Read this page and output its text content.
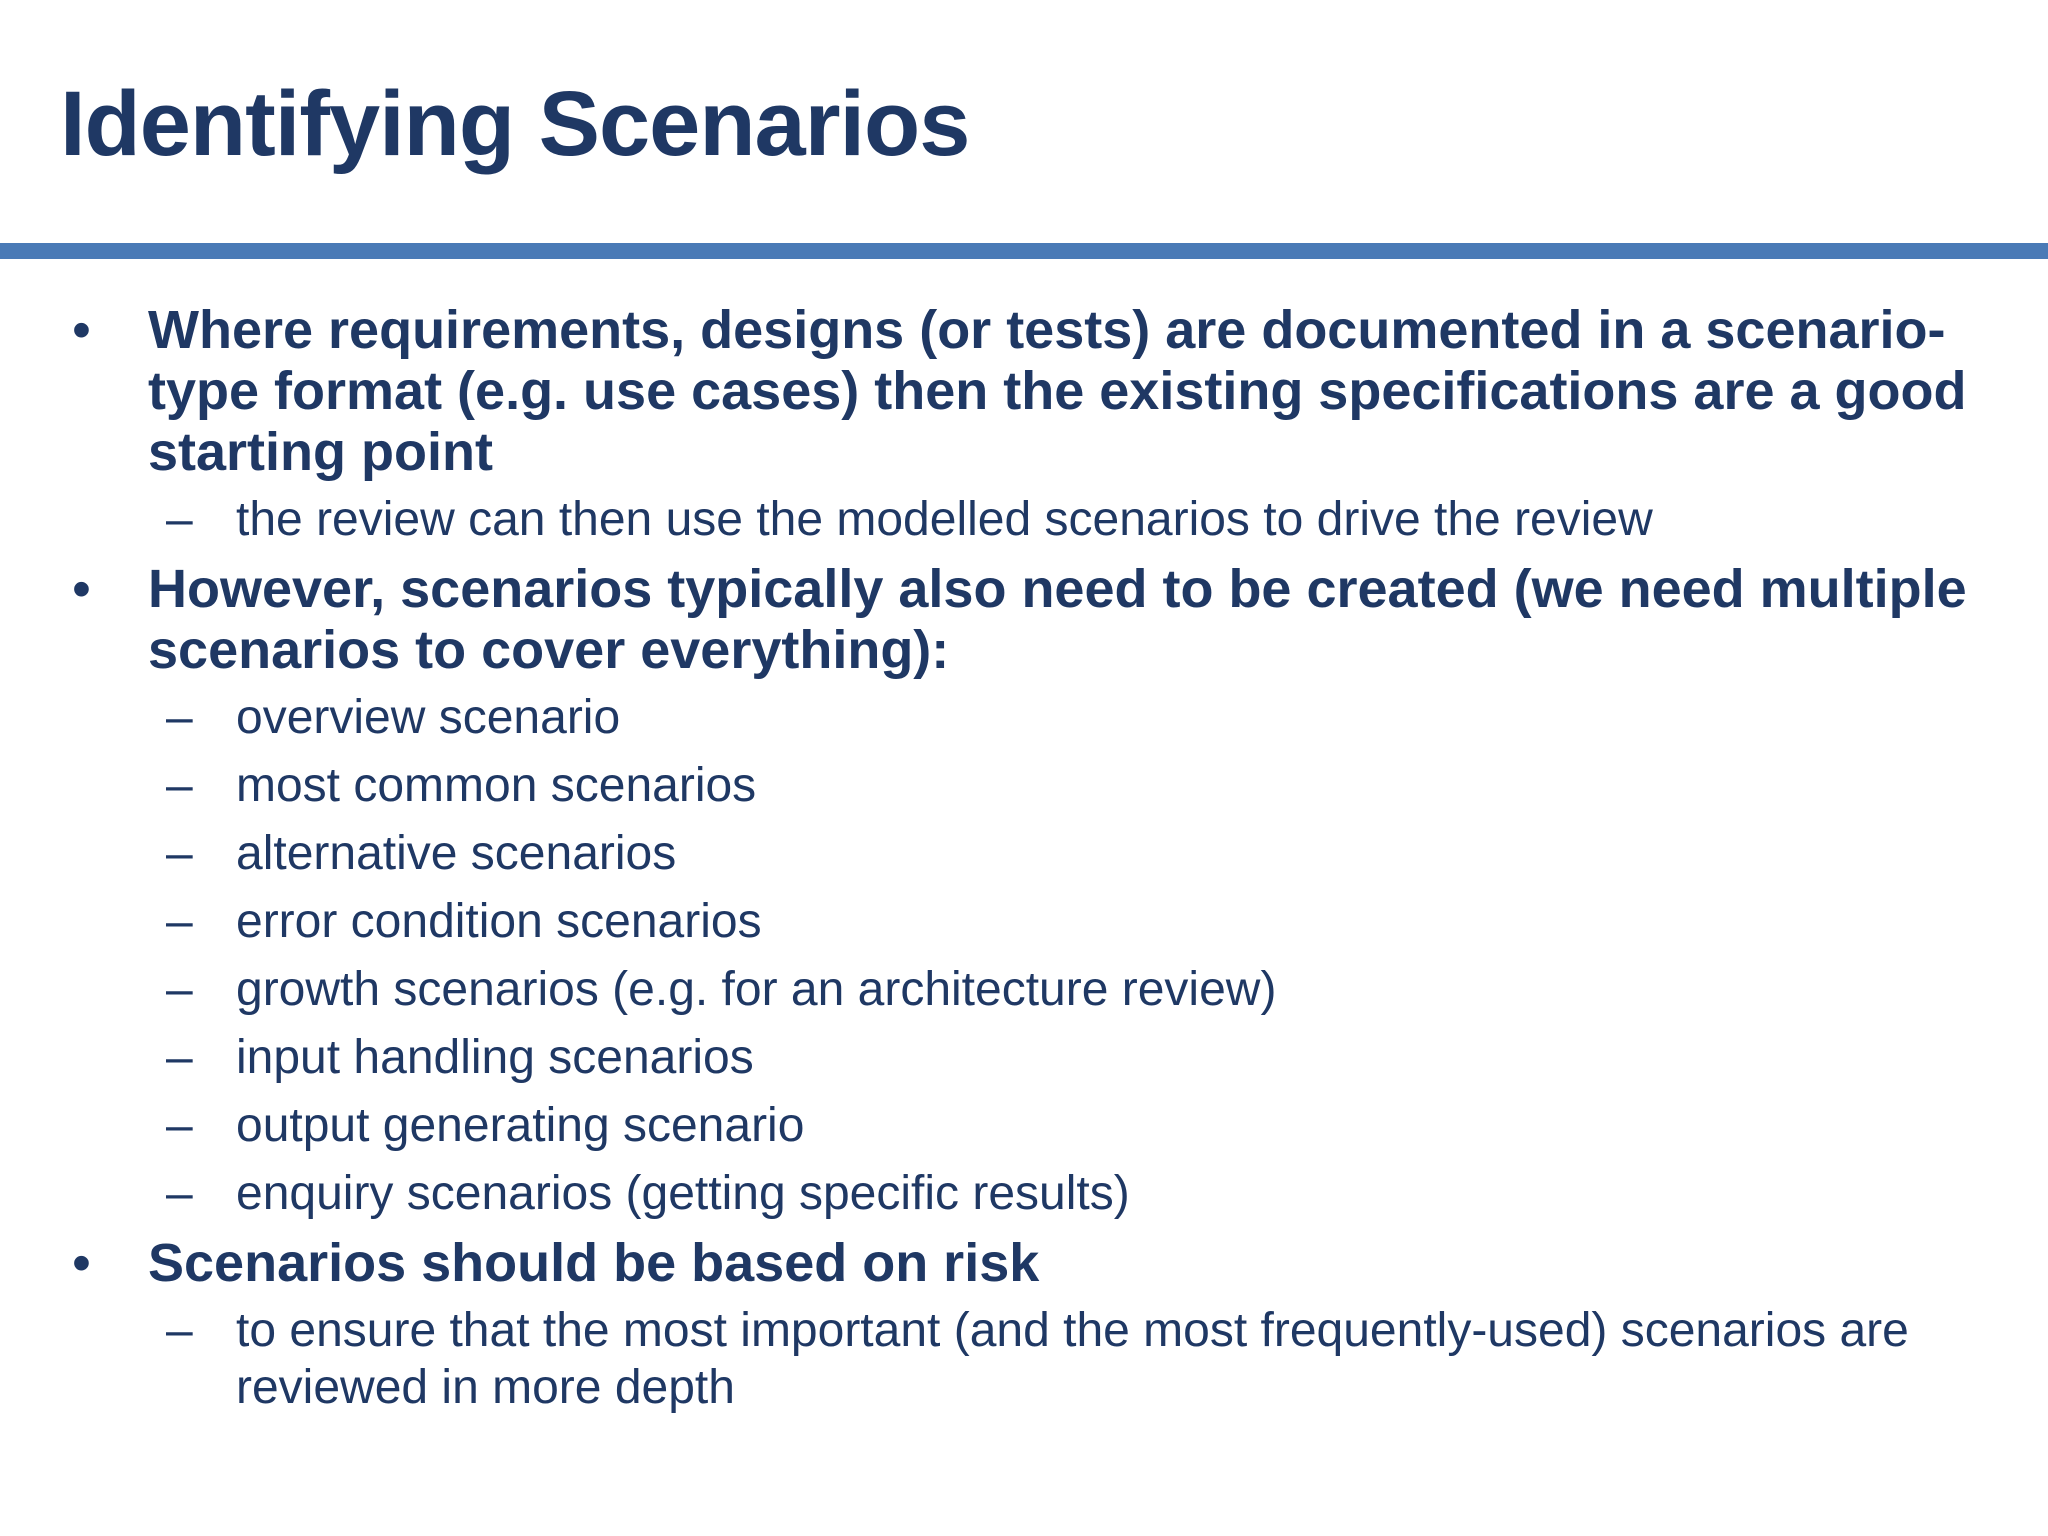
Identifying Scenarios
•	Where requirements, designs (or tests) are documented in a scenario-type format (e.g. use cases) then the existing specifications are a good starting point
– the review can then use the modelled scenarios to drive the review
•	However, scenarios typically also need to be created (we need multiple scenarios to cover everything):
– overview scenario
– most common scenarios
– alternative scenarios
– error condition scenarios
– growth scenarios (e.g. for an architecture review)
– input handling scenarios
– output generating scenario
– enquiry scenarios (getting specific results)
•	Scenarios should be based on risk
– to ensure that the most important (and the most frequently-used) scenarios are reviewed in more depth
